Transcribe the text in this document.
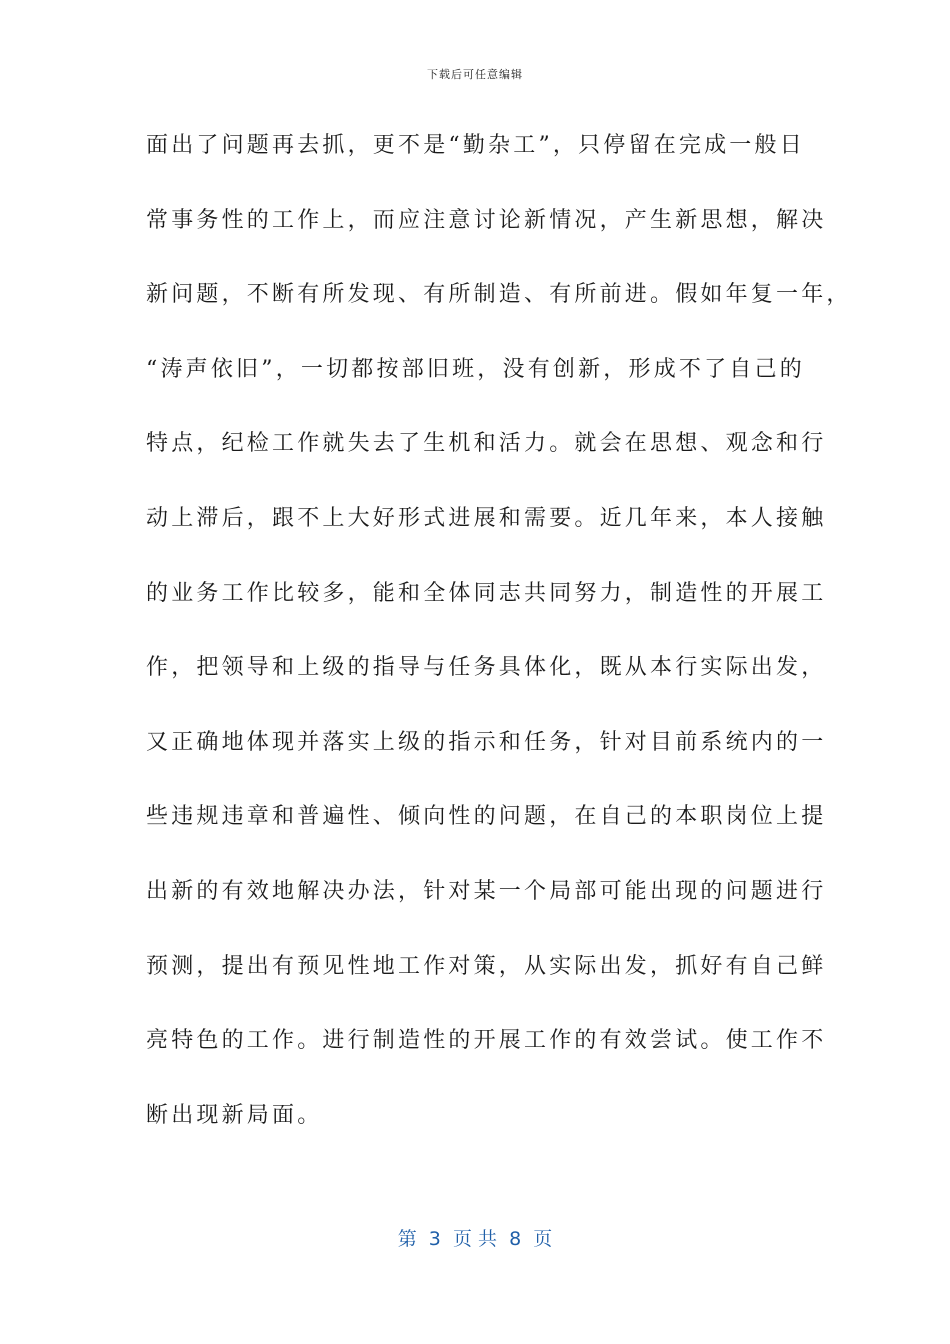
下载后可任意编辑
面出了问题再去抓，更不是“勤杂工”，只停留在完成一般日
常事务性的工作上，而应注意讨论新情况，产生新思想，解决
新问题，不断有所发现、有所制造、有所前进。假如年复一年，
“涛声依旧”，一切都按部旧班，没有创新，形成不了自己的
特点，纪检工作就失去了生机和活力。就会在思想、观念和行
动上滞后，跟不上大好形式进展和需要。近几年来，本人接触
的业务工作比较多，能和全体同志共同努力，制造性的开展工
作，把领导和上级的指导与任务具体化，既从本行实际出发，
又正确地体现并落实上级的指示和任务，针对目前系统内的一
些违规违章和普遍性、倾向性的问题，在自己的本职岗位上提
出新的有效地解决办法，针对某一个局部可能出现的问题进行
预测，提出有预见性地工作对策，从实际出发，抓好有自己鲜
亮特色的工作。进行制造性的开展工作的有效尝试。使工作不
断出现新局面。
第  3  页 共  8  页
